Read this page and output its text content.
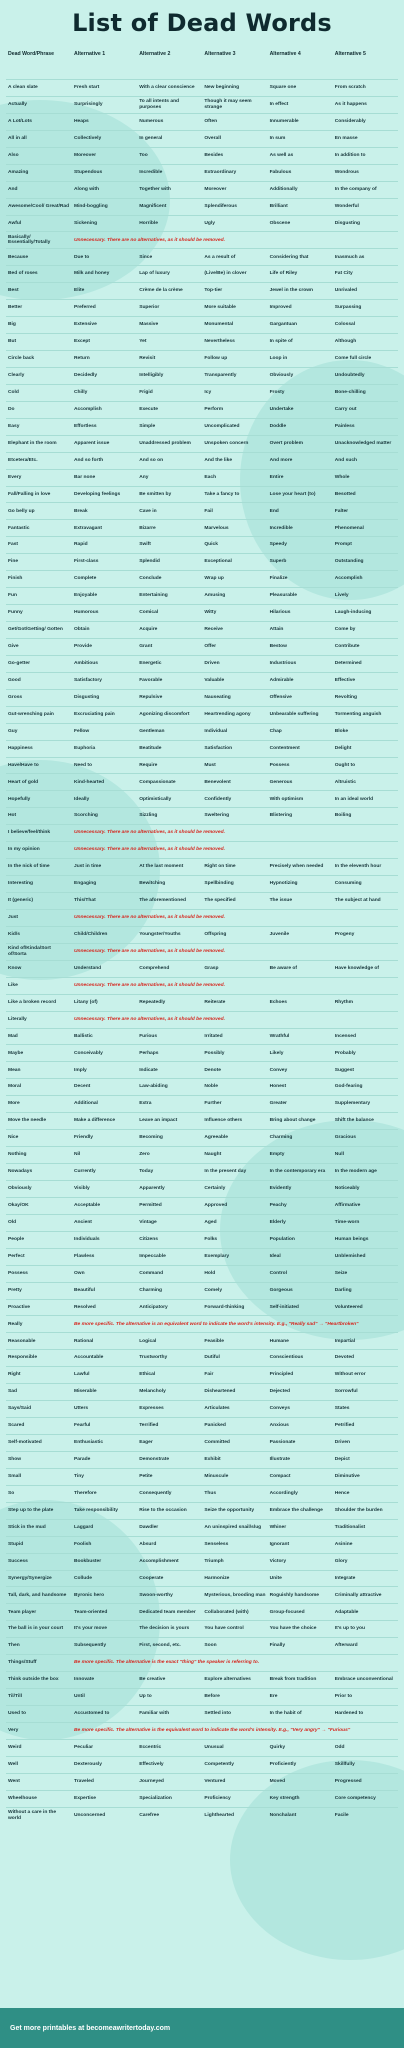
List of Dead Words
Dead Word/Phrase	Alternative 1	Alternative 2	Alternative 3	Alternative 4	Alternative 5
A clean slate	Fresh start	With a clear conscience	New beginning	Square one	From scratch
Actually	Surprisingly	To all intents and purposes	Though it may seem strange	In effect	As it happens
A Lot/Lots	Heaps	Numerous	Often	Innumerable	Considerably
All in all	Collectively	In general	Overall	In sum	En masse
Also	Moreover	Too	Besides	As well as	In addition to
Amazing	Stupendous	Incredible	Extraordinary	Fabulous	Wondrous
And	Along with	Together with	Moreover	Additionally	In the company of
Awesome/Cool/ Great/Rad	Mind-boggling	Magnificent	Splendiferous	Brilliant	Wonderful
Awful	Sickening	Horrible	Ugly	Obscene	Disgusting
Basically/ Essentially/Totally	Unnecessary. There are no alternatives, as it should be removed.				
Because	Due to	Since	As a result of	Considering that	Inasmuch as
Bed of roses	Milk and honey	Lap of luxury	(Live/Be) in clover	Life of Riley	Fat City
Best	Elite	Crème de la crème	Top-tier	Jewel in the crown	Unrivaled
Better	Preferred	Superior	More suitable	Improved	Surpassing
Big	Extensive	Massive	Monumental	Gargantuan	Colossal
But	Except	Yet	Nevertheless	In spite of	Although
Circle back	Return	Revisit	Follow up	Loop in	Come full circle
Clearly	Decidedly	Intelligibly	Transparently	Obviously	Undoubtedly
Cold	Chilly	Frigid	Icy	Frosty	Bone-chilling
Do	Accomplish	Execute	Perform	Undertake	Carry out
Easy	Effortless	Simple	Uncomplicated	Doddle	Painless
Elephant in the room	Apparent issue	Unaddressed problem	Unspoken concern	Overt problem	Unacknowledged matter
Etcetera/Etc.	And so forth	And so on	And the like	And more	And such
Every	Bar none	Any	Each	Entire	Whole
Fall/Falling in love	Developing feelings	Be smitten by	Take a fancy to	Lose your heart (to)	Besotted
Go belly up	Break	Cave in	Fail	End	Falter
Fantastic	Extravagant	Bizarre	Marvelous	Incredible	Phenomenal
Fast	Rapid	Swift	Quick	Speedy	Prompt
Fine	First-class	Splendid	Exceptional	Superb	Outstanding
Finish	Complete	Conclude	Wrap up	Finalize	Accomplish
Fun	Enjoyable	Entertaining	Amusing	Pleasurable	Lively
Funny	Humorous	Comical	Witty	Hilarious	Laugh-inducing
Get/Got/Getting/ Gotten	Obtain	Acquire	Receive	Attain	Come by
Give	Provide	Grant	Offer	Bestow	Contribute
Go-getter	Ambitious	Energetic	Driven	Industrious	Determined
Good	Satisfactory	Favorable	Valuable	Admirable	Effective
Gross	Disgusting	Repulsive	Nauseating	Offensive	Revolting
Gut-wrenching pain	Excruciating pain	Agonizing discomfort	Heartrending agony	Unbearable suffering	Tormenting anguish
Guy	Fellow	Gentleman	Individual	Chap	Bloke
Happiness	Euphoria	Beatitude	Satisfaction	Contentment	Delight
Have/Have to	Need to	Require	Must	Possess	Ought to
Heart of gold	Kind-hearted	Compassionate	Benevolent	Generous	Altruistic
Hopefully	Ideally	Optimistically	Confidently	With optimism	In an ideal world
Hot	Scorching	Sizzling	Sweltering	Blistering	Boiling
I believe/feel/think	Unnecessary. There are no alternatives, as it should be removed.				
In my opinion	Unnecessary. There are no alternatives, as it should be removed.				
In the nick of time	Just in time	At the last moment	Right on time	Precisely when needed	In the eleventh hour
Interesting	Engaging	Bewitching	Spellbinding	Hypnotizing	Consuming
It (generic)	This/That	The aforementioned	The specified	The issue	The subject at hand
Just	Unnecessary. There are no alternatives, as it should be removed.				
Kid/s	Child/Children	Youngster/Youths	Offspring	Juvenile	Progeny
Kind of/Kinda/Sort of/Sorta	Unnecessary. There are no alternatives, as it should be removed.				
Know	Understand	Comprehend	Grasp	Be aware of	Have knowledge of
Like	Unnecessary. There are no alternatives, as it should be removed.				
Like a broken record	Litany (of)	Repeatedly	Reiterate	Echoes	Rhythm
Literally	Unnecessary. There are no alternatives, as it should be removed.				
Mad	Ballistic	Furious	Irritated	Wrathful	Incensed
Maybe	Conceivably	Perhaps	Possibly	Likely	Probably
Mean	Imply	Indicate	Denote	Convey	Suggest
Moral	Decent	Law-abiding	Noble	Honest	God-fearing
More	Additional	Extra	Further	Greater	Supplementary
Move the needle	Make a difference	Leave an impact	Influence others	Bring about change	Shift the balance
Nice	Friendly	Becoming	Agreeable	Charming	Gracious
Nothing	Nil	Zero	Naught	Empty	Null
Nowadays	Currently	Today	In the present day	In the contemporary era	In the modern age
Obviously	Visibly	Apparently	Certainly	Evidently	Noticeably
Okay/OK	Acceptable	Permitted	Approved	Peachy	Affirmative
Old	Ancient	Vintage	Aged	Elderly	Time-worn
People	Individuals	Citizens	Folks	Population	Human beings
Perfect	Flawless	Impeccable	Exemplary	Ideal	Unblemished
Possess	Own	Command	Hold	Control	Seize
Pretty	Beautiful	Charming	Comely	Gorgeous	Darling
Proactive	Resolved	Anticipatory	Forward-thinking	Self-initiated	Volunteered
Really	Be more specific. The alternative is an equivalent word to indicate the word's intensity. E.g., "Really sad" → "Heartbroken"				
Reasonable	Rational	Logical	Feasible	Humane	Impartial
Responsible	Accountable	Trustworthy	Dutiful	Conscientious	Devoted
Right	Lawful	Ethical	Fair	Principled	Without error
Sad	Miserable	Melancholy	Disheartened	Dejected	Sorrowful
Says/Said	Utters	Expresses	Articulates	Conveys	States
Scared	Fearful	Terrified	Panicked	Anxious	Petrified
Self-motivated	Enthusiastic	Eager	Committed	Passionate	Driven
Show	Parade	Demonstrate	Exhibit	Illustrate	Depict
Small	Tiny	Petite	Minuscule	Compact	Diminutive
So	Therefore	Consequently	Thus	Accordingly	Hence
Step up to the plate	Take responsibility	Rise to the occasion	Seize the opportunity	Embrace the challenge	Shoulder the burden
Stick in the mud	Laggard	Dawdler	An uninspired snail/slug	Whiner	Traditionalist
Stupid	Foolish	Absurd	Senseless	Ignorant	Asinine
Success	Bookbuster	Accomplishment	Triumph	Victory	Glory
Synergy/Synergize	Collude	Cooperate	Harmonize	Unite	Integrate
Tall, dark, and handsome	Byronic hero	Swoon-worthy	Mysterious, brooding man	Roguishly handsome	Criminally attractive
Team player	Team-oriented	Dedicated team member	Collaborated (with)	Group-focused	Adaptable
The ball is in your court	It's your move	The decision is yours	You have control	You have the choice	It's up to you
Then	Subsequently	First, second, etc.	Soon	Finally	Afterward
Things/Stuff	Be more specific. The alternative is the exact "thing" the speaker is referring to.				
Think outside the box	Innovate	Be creative	Explore alternatives	Break from tradition	Embrace unconventional
Til/Till	Until	Up to	Before	Ere	Prior to
Used to	Accustomed to	Familiar with	Settled into	In the habit of	Hardened to
Very	Be more specific. The alternative is the equivalent word to indicate the word's intensity. E.g., "Very angry" → "Furious"				
Weird	Peculiar	Eccentric	Unusual	Quirky	Odd
Well	Dexterously	Effectively	Competently	Proficiently	Skillfully
Went	Traveled	Journeyed	Ventured	Moved	Progressed
Wheelhouse	Expertise	Specialization	Proficiency	Key strength	Core competency
Without a care in the world	Unconcerned	Carefree	Lighthearted	Nonchalant	Facile
Get more printables at becomeawritertoday.com
